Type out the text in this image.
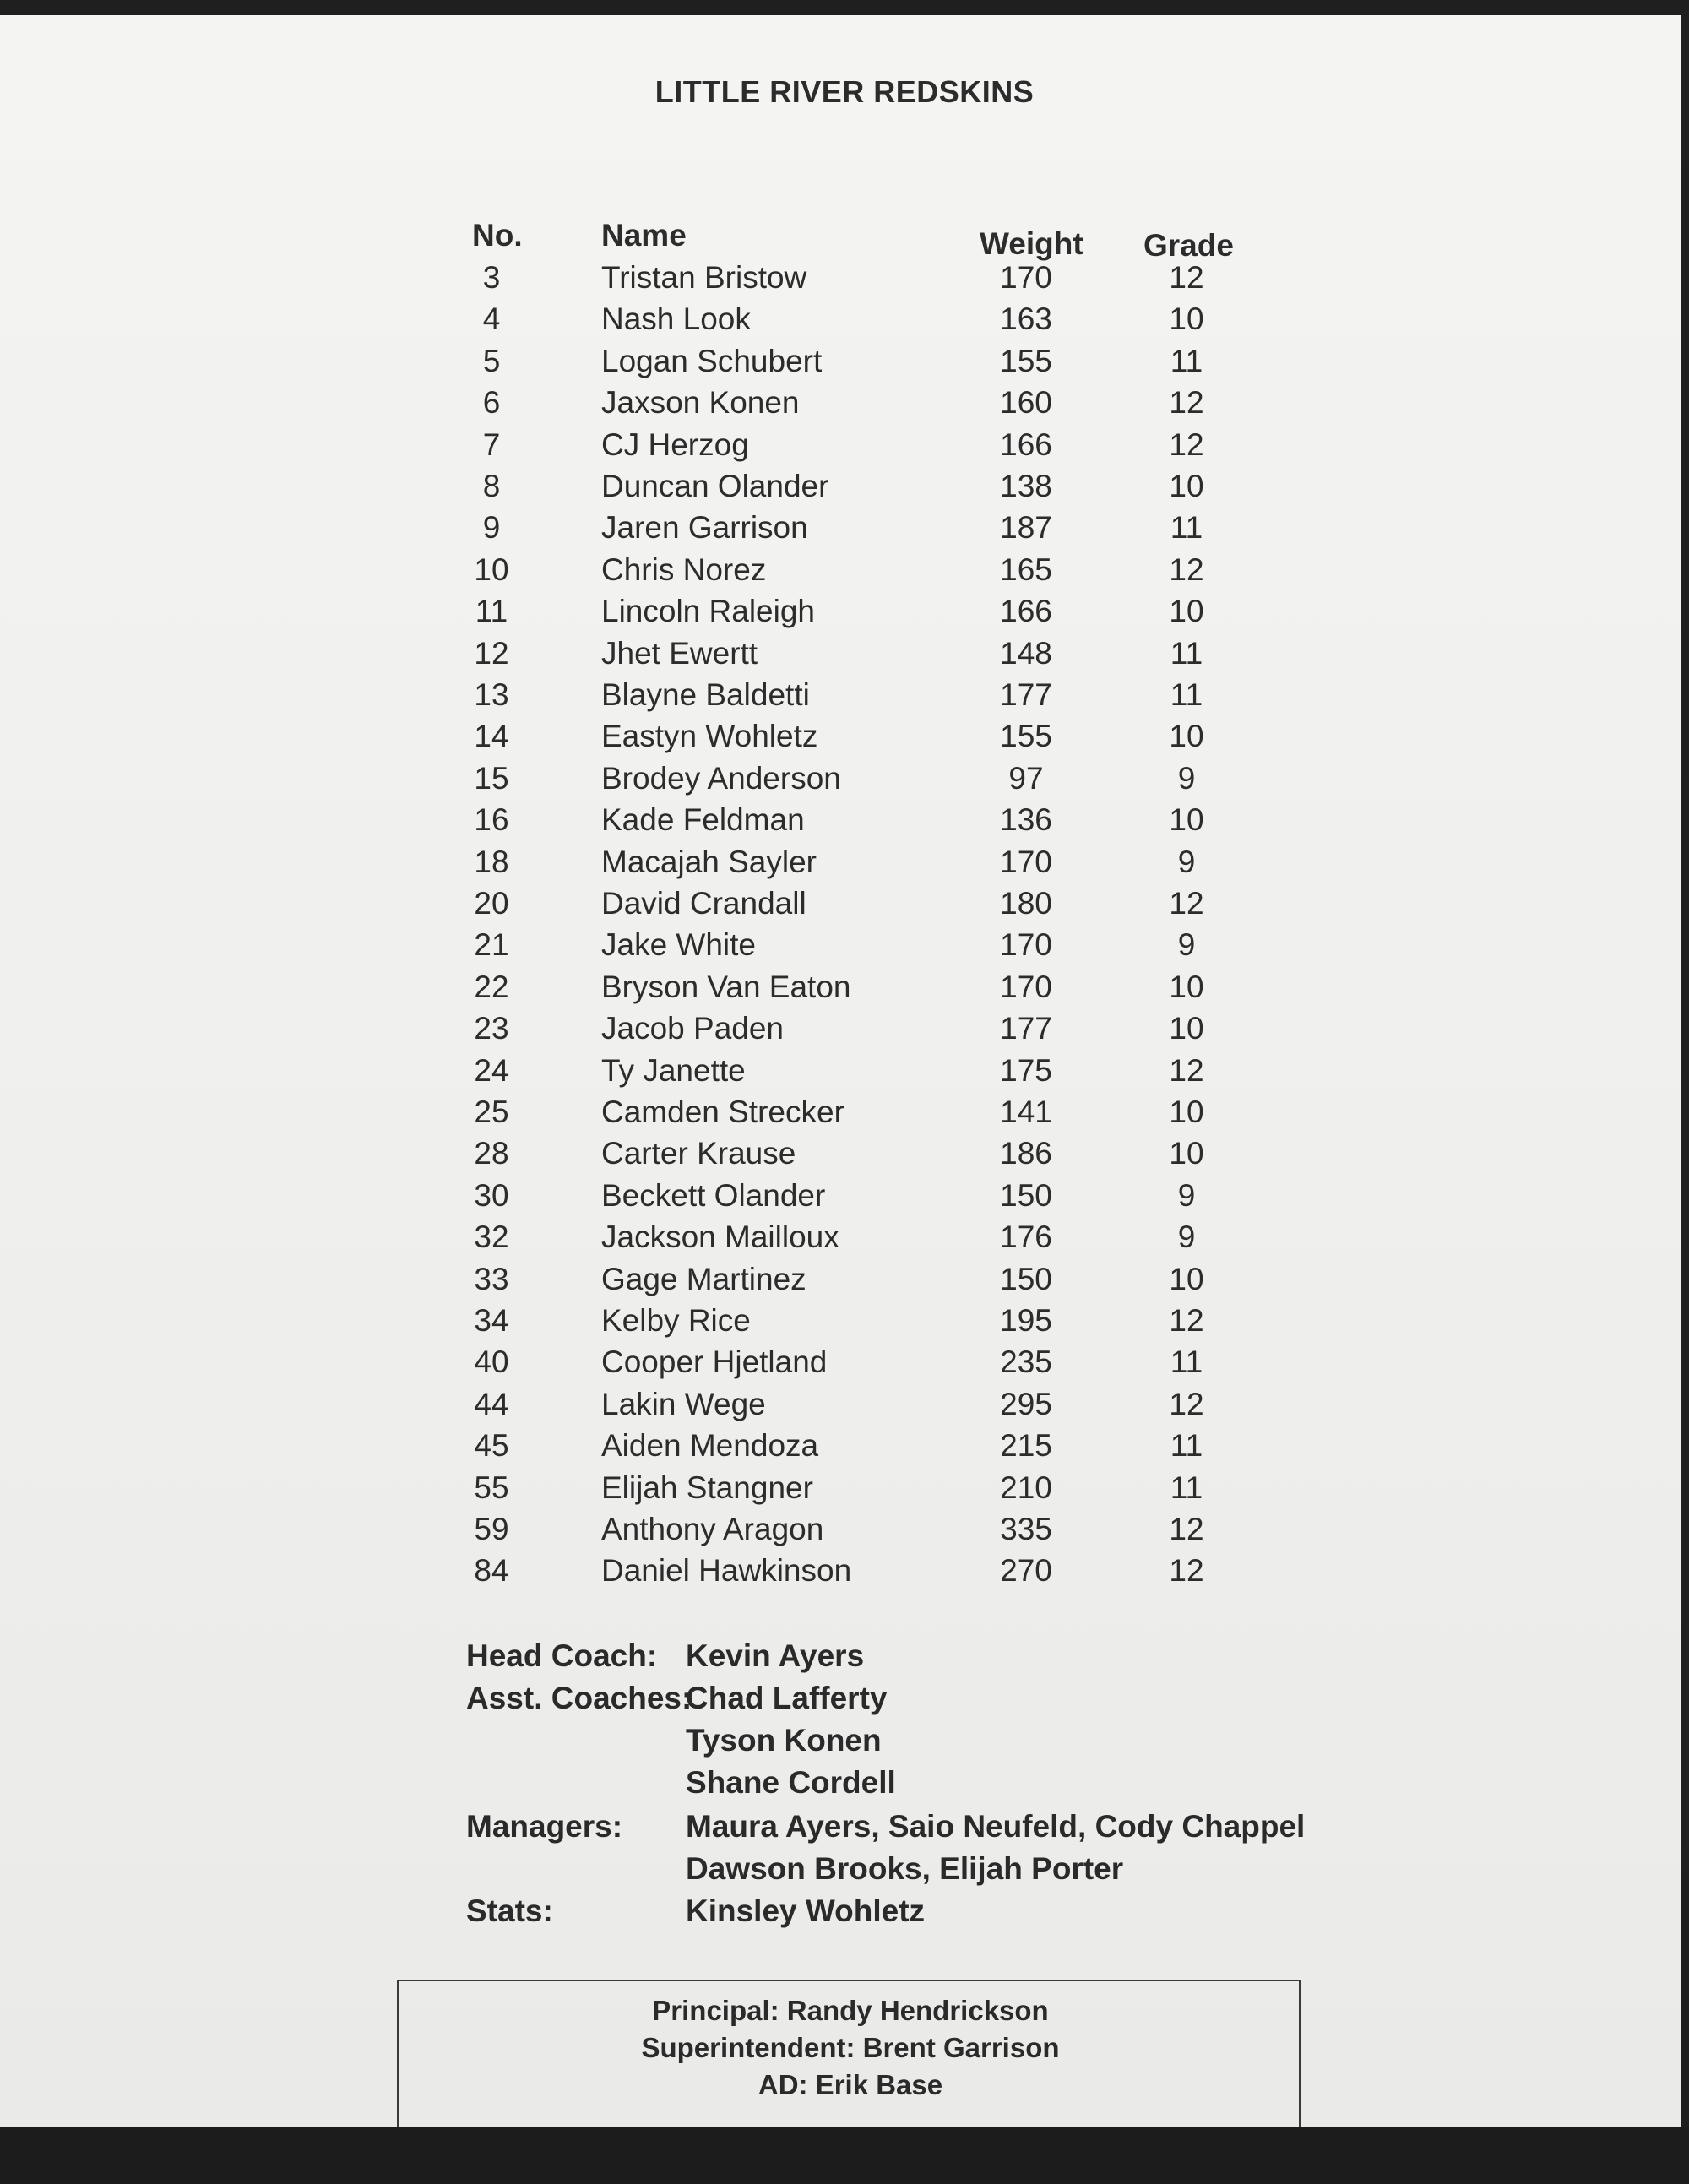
LITTLE RIVER REDSKINS
No.	Name	Weight Grade
3	Tristan Bristow	170	12
4	Nash Look	163	10
5	Logan Schubert	155	11
6	Jaxson Konen	160	12
7	CJ Herzog	166	12
8	Duncan Olander	138	10
9	Jaren Garrison	187	11
10	Chris Norez	165	12
11	Lincoln Raleigh	166	10
12	Jhet Ewertt	148	11
13	Blayne Baldetti	177	11
14	Eastyn Wohletz	155	10
15	Brodey Anderson	97	9
16	Kade Feldman	136	10
18	Macajah Sayler	170	9
20	David Crandall	180	12
21	Jake White	170	9
22	Bryson Van Eaton	170	10
23	Jacob Paden	177	10
24	Ty Janette	175	12
25	Camden Strecker	141	10
28	Carter Krause	186	10
30	Beckett Olander	150	9
32	Jackson Mailloux	176	9
33	Gage Martinez	150	10
34	Kelby Rice	195	12
40	Cooper Hjetland	235	11
44	Lakin Wege	295	12
45	Aiden Mendoza	215	11
55	Elijah Stangner	210	11
59	Anthony Aragon	335	12
84	Daniel Hawkinson	270	12
Head Coach: Kevin Ayers
Asst. Coaches:
Chad Lafferty
Tyson Konen
Shane Cordell
Managers: Maura Ayers, Saio Neufeld, Cody Chappel
Dawson Brooks, Elijah Porter
Stats:	Kinsley Wohletz
Principal: Randy Hendrickson
Superintendent: Brent Garrison
AD: Erik Base
